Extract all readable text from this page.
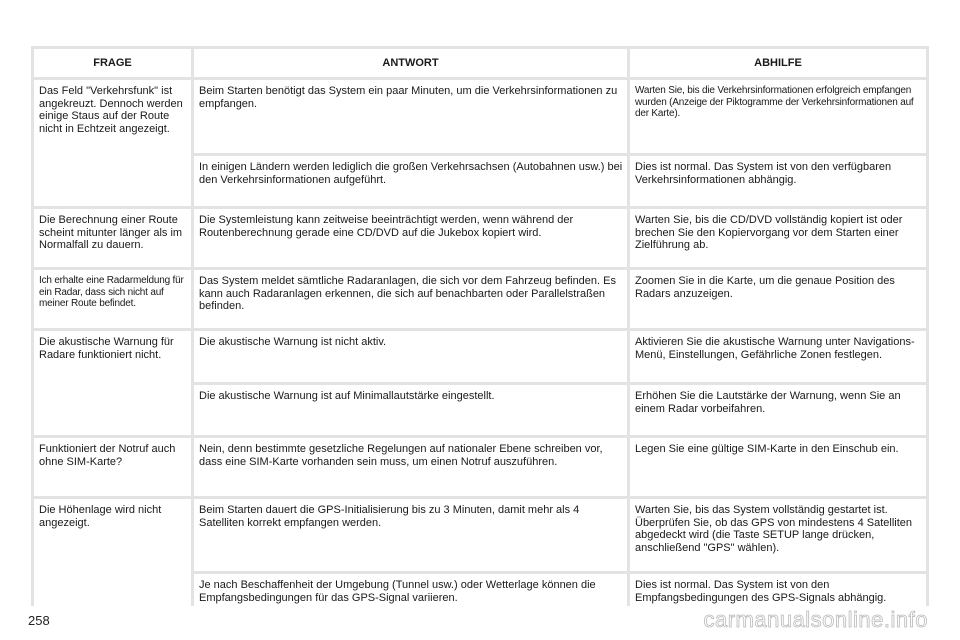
FRAGE	ANTWORT	ABHILFE
Das Feld "Verkehrsfunk" ist angekreuzt. Dennoch werden einige Staus auf der Route nicht in Echtzeit angezeigt.	Beim Starten benötigt das System ein paar Minuten, um die Verkehrsinformationen zu empfangen.	Warten Sie, bis die Verkehrsinformationen erfolgreich empfangen wurden (Anzeige der Piktogramme der Verkehrsinformationen auf der Karte).
	In einigen Ländern werden lediglich die großen Verkehrsachsen (Autobahnen usw.) bei den Verkehrsinformationen aufgeführt.	Dies ist normal. Das System ist von den verfügbaren Verkehrsinformationen abhängig.
Die Berechnung einer Route scheint mitunter länger als im Normalfall zu dauern.	Die Systemleistung kann zeitweise beeinträchtigt werden, wenn während der Routenberechnung gerade eine CD/DVD auf die Jukebox kopiert wird.	Warten Sie, bis die CD/DVD vollständig kopiert ist oder brechen Sie den Kopiervorgang vor dem Starten einer Zielführung ab.
Ich erhalte eine Radarmeldung für ein Radar, dass sich nicht auf meiner Route befindet.	Das System meldet sämtliche Radaranlagen, die sich vor dem Fahrzeug befinden. Es kann auch Radaranlagen erkennen, die sich auf benachbarten oder Parallelstraßen befinden.	Zoomen Sie in die Karte, um die genaue Position des Radars anzuzeigen.
Die akustische Warnung für Radare funktioniert nicht.	Die akustische Warnung ist nicht aktiv.	Aktivieren Sie die akustische Warnung unter Navigations-Menü, Einstellungen, Gefährliche Zonen festlegen.
	Die akustische Warnung ist auf Minimallautstärke eingestellt.	Erhöhen Sie die Lautstärke der Warnung, wenn Sie an einem Radar vorbeifahren.
Funktioniert der Notruf auch ohne SIM-Karte?	Nein, denn bestimmte gesetzliche Regelungen auf nationaler Ebene schreiben vor, dass eine SIM-Karte vorhanden sein muss, um einen Notruf auszuführen.	Legen Sie eine gültige SIM-Karte in den Einschub ein.
Die Höhenlage wird nicht angezeigt.	Beim Starten dauert die GPS-Initialisierung bis zu 3 Minuten, damit mehr als 4 Satelliten korrekt empfangen werden.	Warten Sie, bis das System vollständig gestartet ist. Überprüfen Sie, ob das GPS von mindestens 4 Satelliten abgedeckt wird (die Taste SETUP lange drücken, anschließend "GPS" wählen).
	Je nach Beschaffenheit der Umgebung (Tunnel usw.) oder Wetterlage können die Empfangsbedingungen für das GPS-Signal variieren.	Dies ist normal. Das System ist von den Empfangsbedingungen des GPS-Signals abhängig.
258	carmanualsonline.info
